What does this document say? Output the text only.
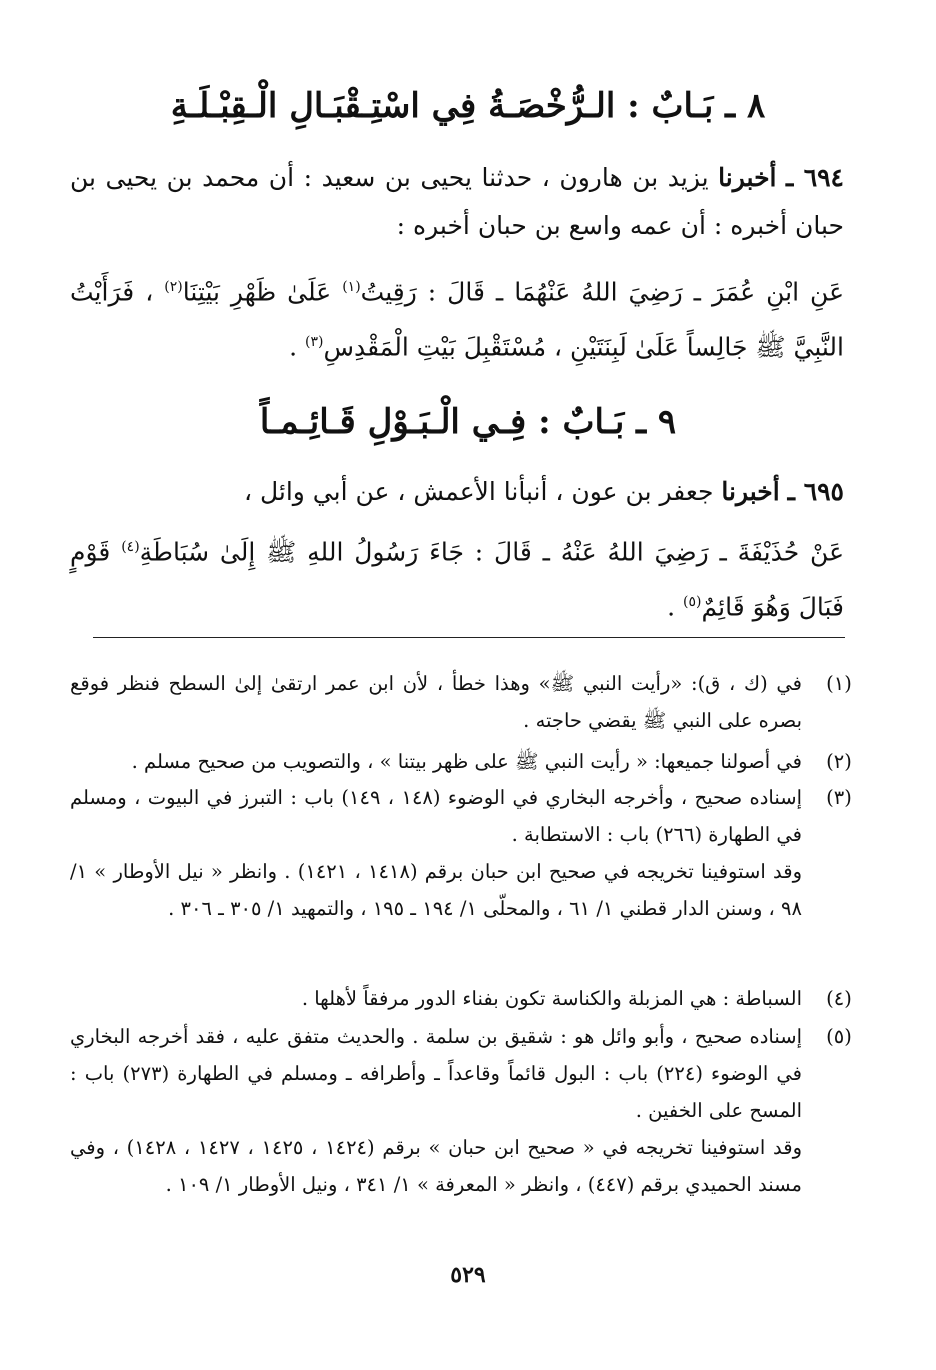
٨ ـ بَـابٌ : الـرُّخْصَـةُ فِي اسْتِـقْبَـالِ الْـقِبْـلَـةِ
٦٩٤ ـ أخبرنا يزيد بن هارون ، حدثنا يحيى بن سعيد : أن محمد بن يحيى بن حبان أخبره : أن عمه واسع بن حبان أخبره :
عَنِ ابْنِ عُمَرَ ـ رَضِيَ اللهُ عَنْهُمَا ـ قَالَ : رَقِيتُ$^{(١)}$ عَلَىٰ ظَهْرِ بَيْتِنَا$^{(٢)}$ ، فَرَأَيْتُ النَّبِيَّ ﷺ جَالِساً عَلَىٰ لَبِنَتَيْنِ ، مُسْتَقْبِلَ بَيْتِ الْمَقْدِسِ$^{(٣)}$ .
٩ ـ بَـابٌ : فِـي الْـبَـوْلِ قَـائِـمـاً
٦٩٥ ـ أخبرنا جعفر بن عون ، أنبأنا الأعمش ، عن أبي وائل ،
عَنْ حُذَيْفَةَ ـ رَضِيَ اللهُ عَنْهُ ـ قَالَ : جَاءَ رَسُولُ اللهِ ﷺ إِلَىٰ سُبَاطَةِ$^{(٤)}$ قَوْمٍ فَبَالَ وَهُوَ قَائِمٌ$^{(٥)}$ .
(١)

في (ك ، ق): «رأيت النبي ﷺ» وهذا خطأ ، لأن ابن عمر ارتقىٰ إلىٰ السطح فنظر فوقع بصره على النبي ﷺ يقضي حاجته .

(٢)

في أصولنا جميعها: « رأيت النبي ﷺ على ظهر بيتنا » ، والتصويب من صحيح مسلم .

(٣)

إسناده صحيح ، وأخرجه البخاري في الوضوء (١٤٨ ، ١٤٩) باب : التبرز في البيوت ، ومسلم في الطهارة (٢٦٦) باب : الاستطابة .

وقد استوفينا تخريجه في صحيح ابن حبان برقم (١٤١٨ ، ١٤٢١) . وانظر « نيل الأوطار » ١/ ٩٨ ، وسنن الدار قطني ١/ ٦١ ، والمحلّى ١/ ١٩٤ ـ ١٩٥ ، والتمهيد ١/ ٣٠٥ ـ ٣٠٦ .

(٤)

السباطة : هي المزبلة والكناسة تكون بفناء الدور مرفقاً لأهلها .

(٥)

إسناده صحيح ، وأبو وائل هو : شقيق بن سلمة . والحديث متفق عليه ، فقد أخرجه البخاري في الوضوء (٢٢٤) باب : البول قائماً وقاعداً ـ وأطرافه ـ ومسلم في الطهارة (٢٧٣) باب : المسح على الخفين .

وقد استوفينا تخريجه في « صحيح ابن حبان » برقم (١٤٢٤ ، ١٤٢٥ ، ١٤٢٧ ، ١٤٢٨) ، وفي مسند الحميدي برقم (٤٤٧) ، وانظر « المعرفة » ١/ ٣٤١ ، ونيل الأوطار ١/ ١٠٩ .

٥٢٩
